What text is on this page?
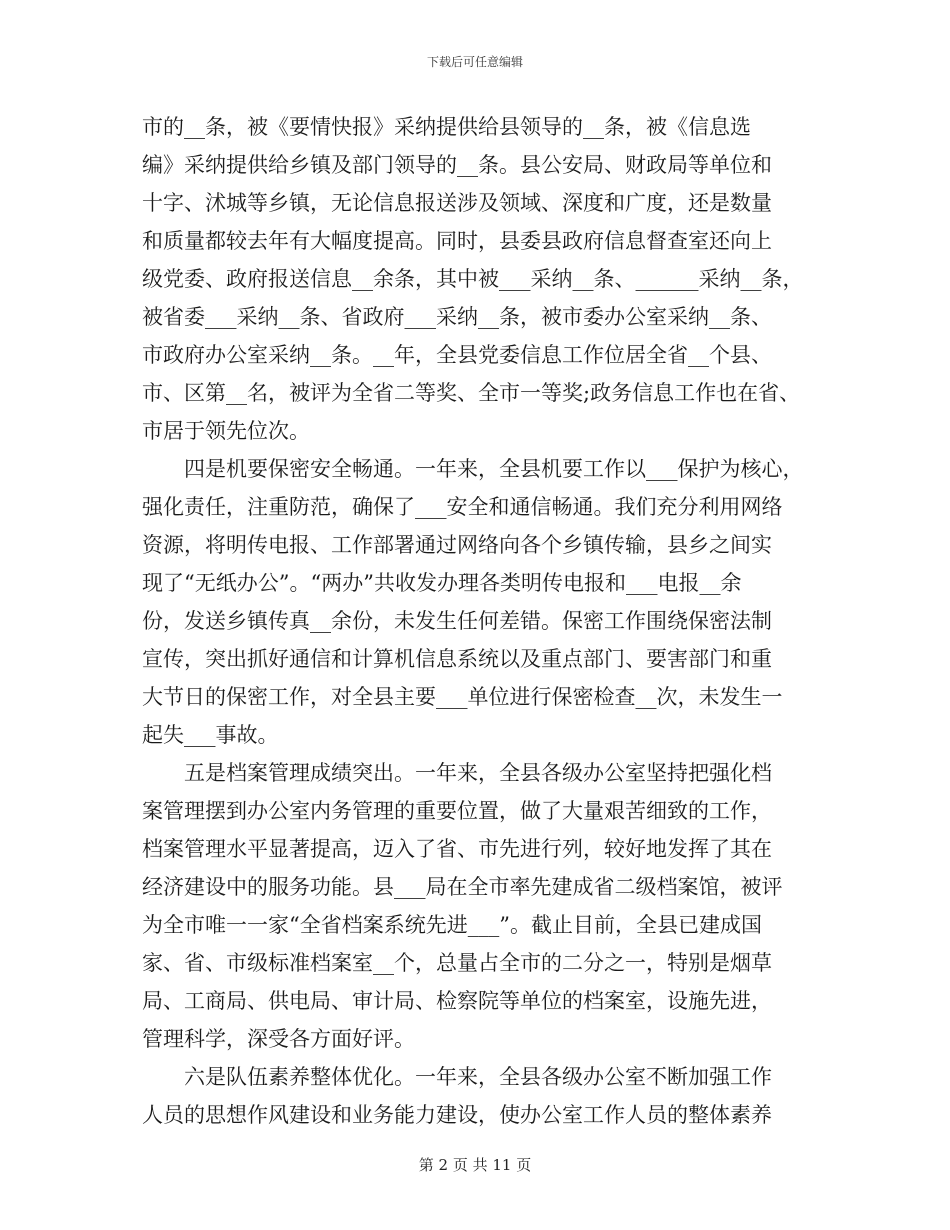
下载后可任意编辑
市的__条，被《要情快报》采纳提供给县领导的__条，被《信息选
编》采纳提供给乡镇及部门领导的__条。县公安局、财政局等单位和
十字、沭城等乡镇，无论信息报送涉及领域、深度和广度，还是数量
和质量都较去年有大幅度提高。同时，县委县政府信息督查室还向上
级党委、政府报送信息__余条，其中被___采纳__条、______采纳__条，
被省委___采纳__条、省政府___采纳__条，被市委办公室采纳__条、
市政府办公室采纳__条。__年，全县党委信息工作位居全省__个县、
市、区第__名，被评为全省二等奖、全市一等奖;政务信息工作也在省、
市居于领先位次。
　　四是机要保密安全畅通。一年来，全县机要工作以___保护为核心，
强化责任，注重防范，确保了___安全和通信畅通。我们充分利用网络
资源，将明传电报、工作部署通过网络向各个乡镇传输，县乡之间实
现了“无纸办公”。“两办”共收发办理各类明传电报和___电报__余
份，发送乡镇传真__余份，未发生任何差错。保密工作围绕保密法制
宣传，突出抓好通信和计算机信息系统以及重点部门、要害部门和重
大节日的保密工作，对全县主要___单位进行保密检查__次，未发生一
起失___事故。
　　五是档案管理成绩突出。一年来，全县各级办公室坚持把强化档
案管理摆到办公室内务管理的重要位置，做了大量艰苦细致的工作，
档案管理水平显著提高，迈入了省、市先进行列，较好地发挥了其在
经济建设中的服务功能。县___局在全市率先建成省二级档案馆，被评
为全市唯一一家“全省档案系统先进___”。截止目前，全县已建成国
家、省、市级标准档案室__个，总量占全市的二分之一，特别是烟草
局、工商局、供电局、审计局、检察院等单位的档案室，设施先进，
管理科学，深受各方面好评。
　　六是队伍素养整体优化。一年来，全县各级办公室不断加强工作
人员的思想作风建设和业务能力建设，使办公室工作人员的整体素养
第 2 页 共 11 页
